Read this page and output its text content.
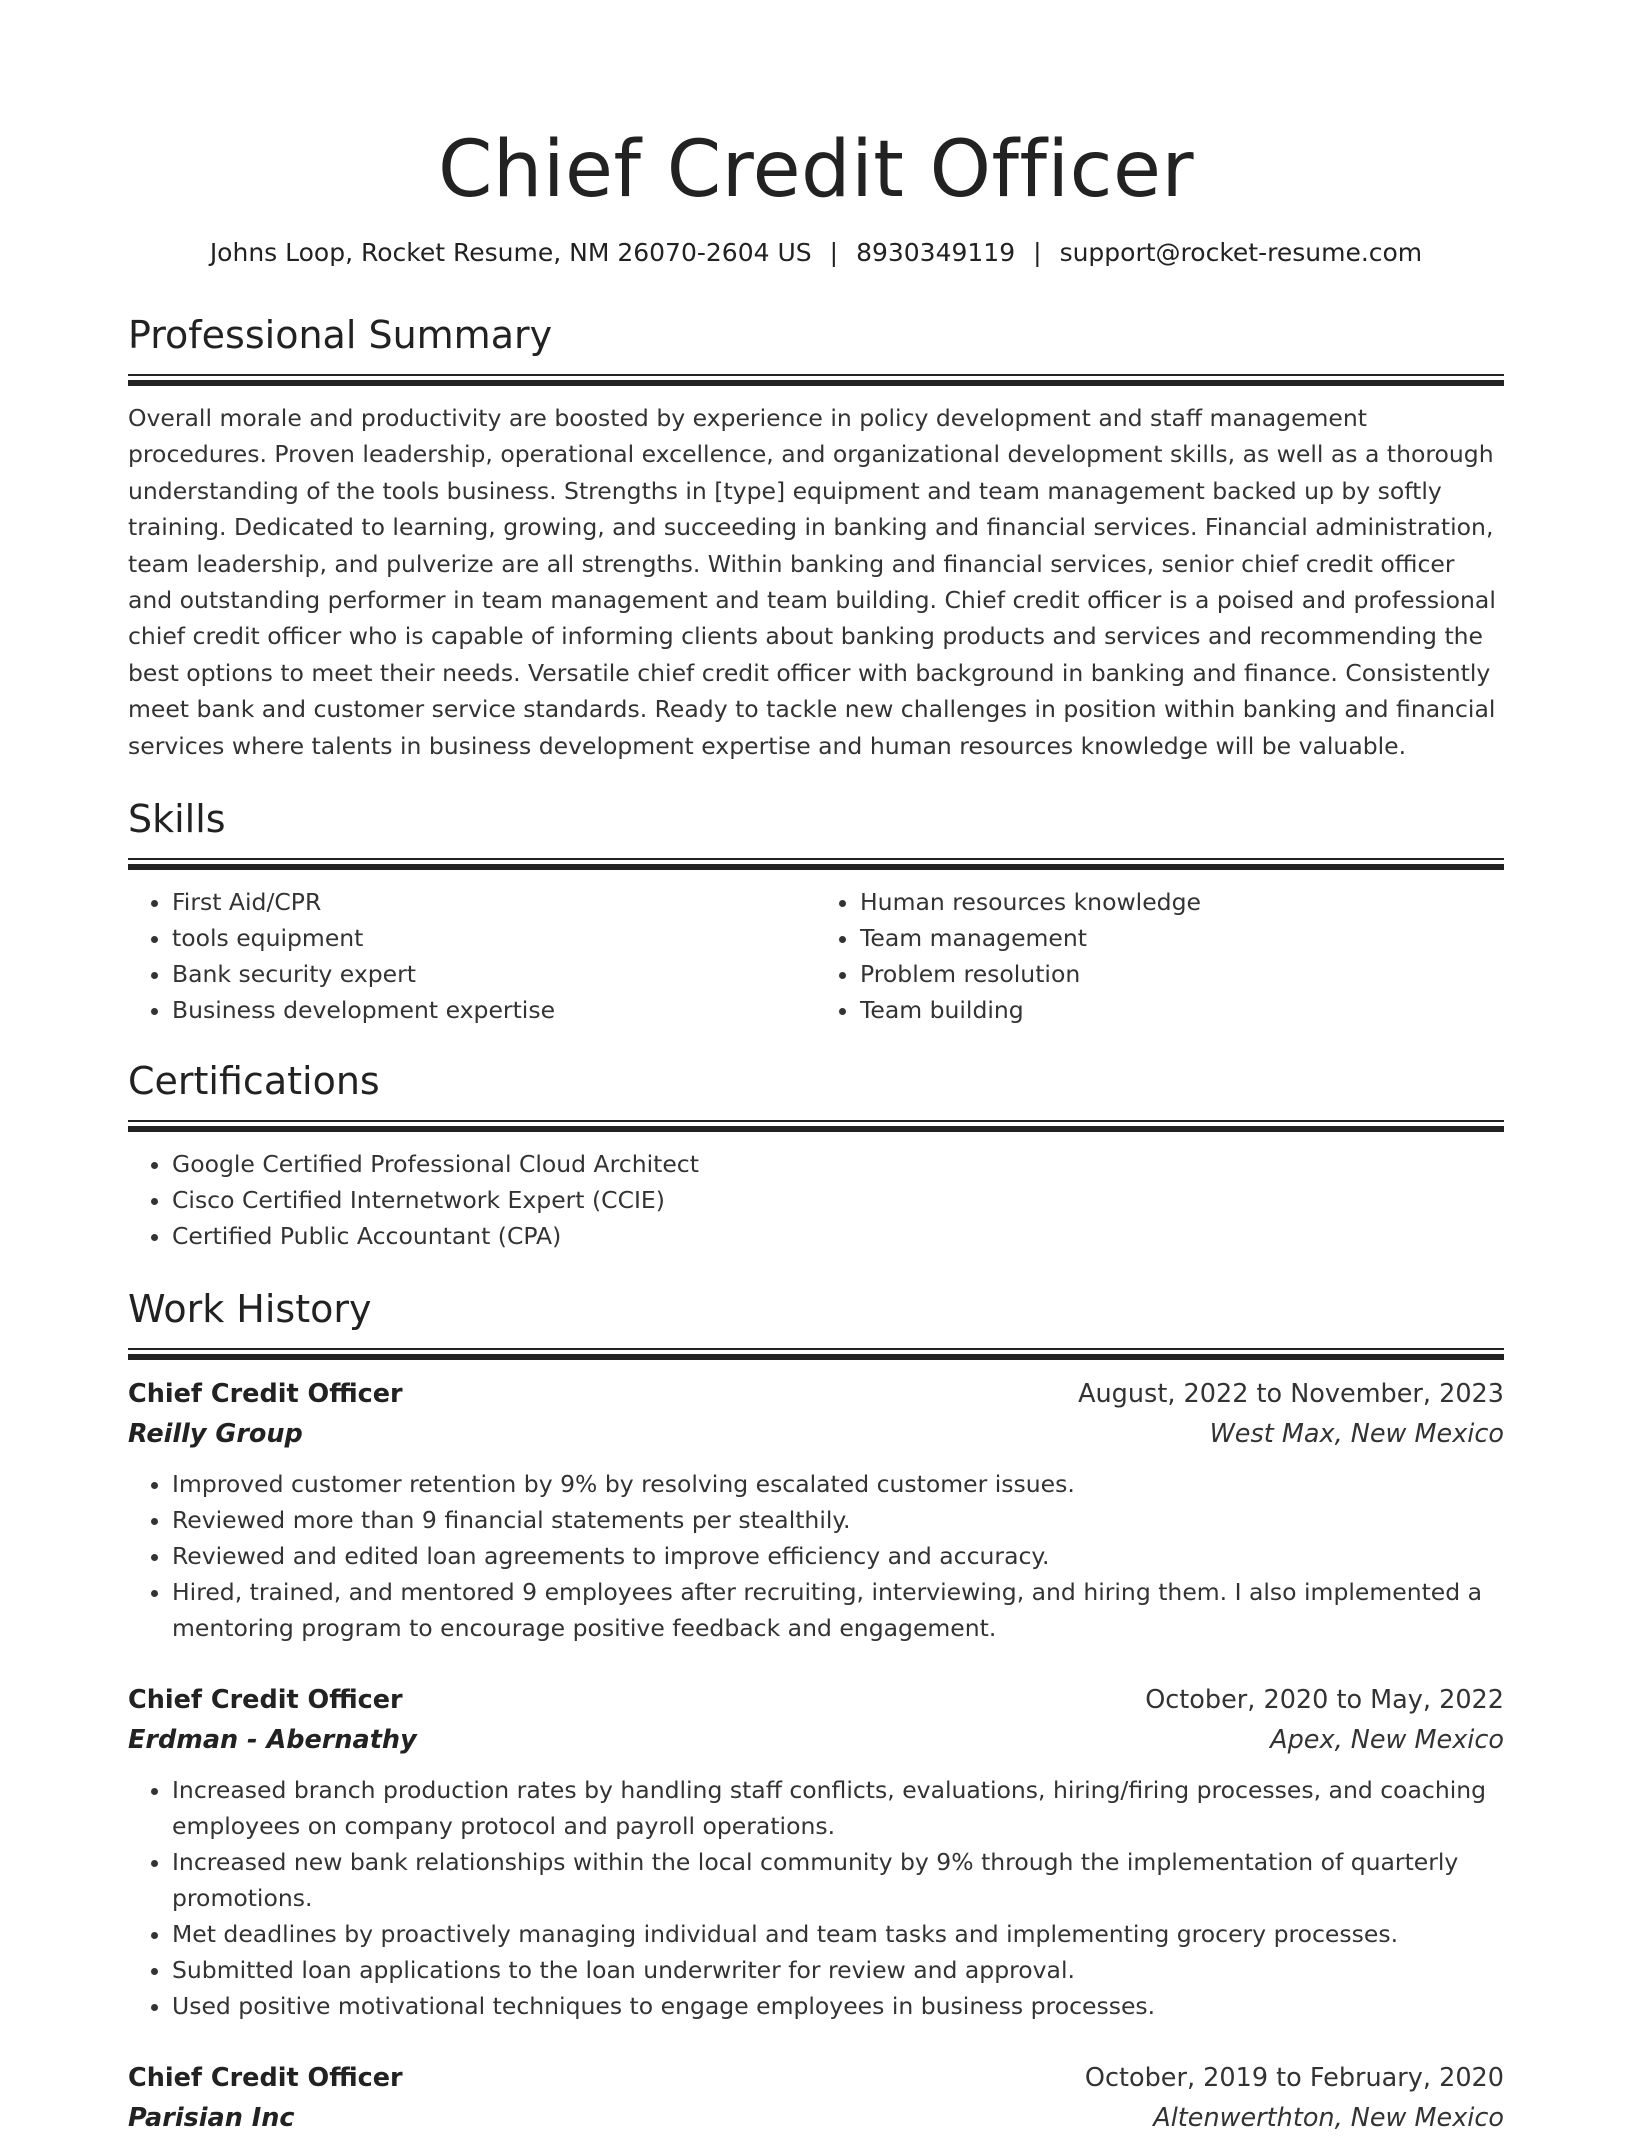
Chief Credit Officer
Johns Loop, Rocket Resume, NM 26070-2604 US | 8930349119 | support@rocket-resume.com
Professional Summary

Overall morale and productivity are boosted by experience in policy development and staff management procedures. Proven leadership, operational excellence, and organizational development skills, as well as a thorough understanding of the tools business. Strengths in [type] equipment and team management backed up by softly training. Dedicated to learning, growing, and succeeding in banking and financial services. Financial administration, team leadership, and pulverize are all strengths. Within banking and financial services, senior chief credit officer and outstanding performer in team management and team building. Chief credit officer is a poised and professional chief credit officer who is capable of informing clients about banking products and services and recommending the best options to meet their needs. Versatile chief credit officer with background in banking and finance. Consistently meet bank and customer service standards. Ready to tackle new challenges in position within banking and financial services where talents in business development expertise and human resources knowledge will be valuable.

Skills
• First Aid/CPR
• tools equipment
• Bank security expert
• Business development expertise
• Human resources knowledge
• Team management
• Problem resolution
• Team building
Certifications
• Google Certified Professional Cloud Architect
• Cisco Certified Internetwork Expert (CCIE)
• Certified Public Accountant (CPA)
Work History
Chief Credit Officer	August, 2022 to November, 2023
Reilly Group	West Max, New Mexico
• Improved customer retention by 9% by resolving escalated customer issues.
• Reviewed more than 9 financial statements per stealthily.
• Reviewed and edited loan agreements to improve efficiency and accuracy.
• Hired, trained, and mentored 9 employees after recruiting, interviewing, and hiring them. I also implemented a mentoring program to encourage positive feedback and engagement.
Chief Credit Officer	October, 2020 to May, 2022
Erdman - Abernathy	Apex, New Mexico
• Increased branch production rates by handling staff conflicts, evaluations, hiring/firing processes, and coaching employees on company protocol and payroll operations.
• Increased new bank relationships within the local community by 9% through the implementation of quarterly promotions.
• Met deadlines by proactively managing individual and team tasks and implementing grocery processes.
• Submitted loan applications to the loan underwriter for review and approval.
• Used positive motivational techniques to engage employees in business processes.
Chief Credit Officer	October, 2019 to February, 2020
Parisian Inc	Altenwerthton, New Mexico
